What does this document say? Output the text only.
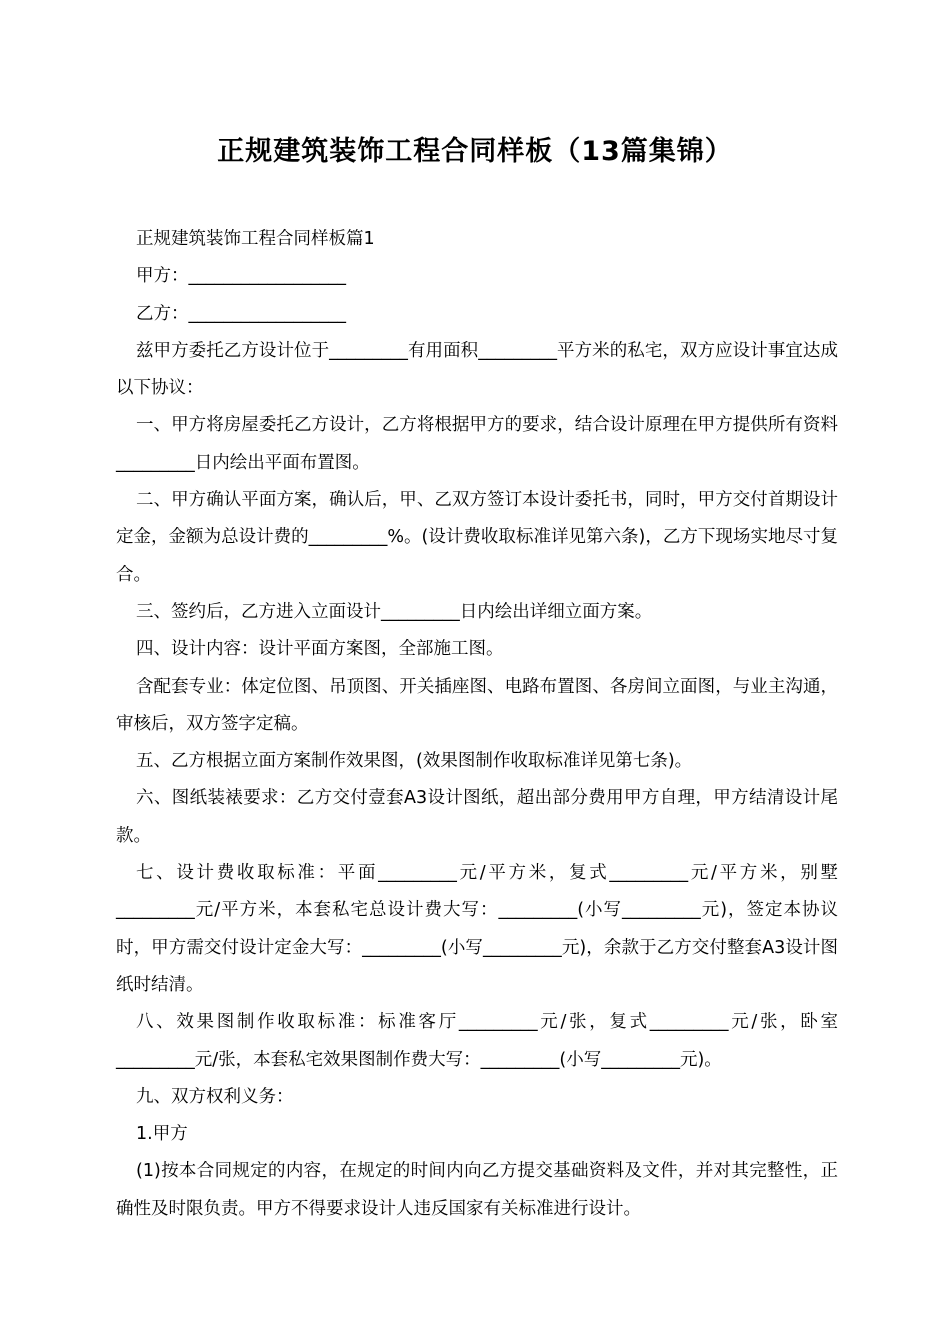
正规建筑装饰工程合同样板（13篇集锦）

正规建筑装饰工程合同样板篇1

甲方：__________________

乙方：__________________

兹甲方委托乙方设计位于_________有用面积_________平方米的私宅，双方应设计事宜达成以下协议：

一、甲方将房屋委托乙方设计，乙方将根据甲方的要求，结合设计原理在甲方提供所有资料_________日内绘出平面布置图。

二、甲方确认平面方案，确认后，甲、乙双方签订本设计委托书，同时，甲方交付首期设计定金，金额为总设计费的_________%。(设计费收取标准详见第六条)，乙方下现场实地尽寸复合。

三、签约后，乙方进入立面设计_________日内绘出详细立面方案。

四、设计内容：设计平面方案图，全部施工图。

含配套专业：体定位图、吊顶图、开关插座图、电路布置图、各房间立面图，与业主沟通，审核后，双方签字定稿。

五、乙方根据立面方案制作效果图，(效果图制作收取标准详见第七条)。

六、图纸装裱要求：乙方交付壹套A3设计图纸，超出部分费用甲方自理，甲方结清设计尾款。

七、设计费收取标准：平面_________元/平方米，复式_________元/平方米，别墅_________元/平方米，本套私宅总设计费大写：_________(小写_________元)，签定本协议时，甲方需交付设计定金大写：_________(小写_________元)，余款于乙方交付整套A3设计图纸时结清。

八、效果图制作收取标准：标准客厅_________元/张，复式_________元/张，卧室_________元/张，本套私宅效果图制作费大写：_________(小写_________元)。

九、双方权利义务：

1.甲方

(1)按本合同规定的内容，在规定的时间内向乙方提交基础资料及文件，并对其完整性，正确性及时限负责。甲方不得要求设计人违反国家有关标准进行设计。
